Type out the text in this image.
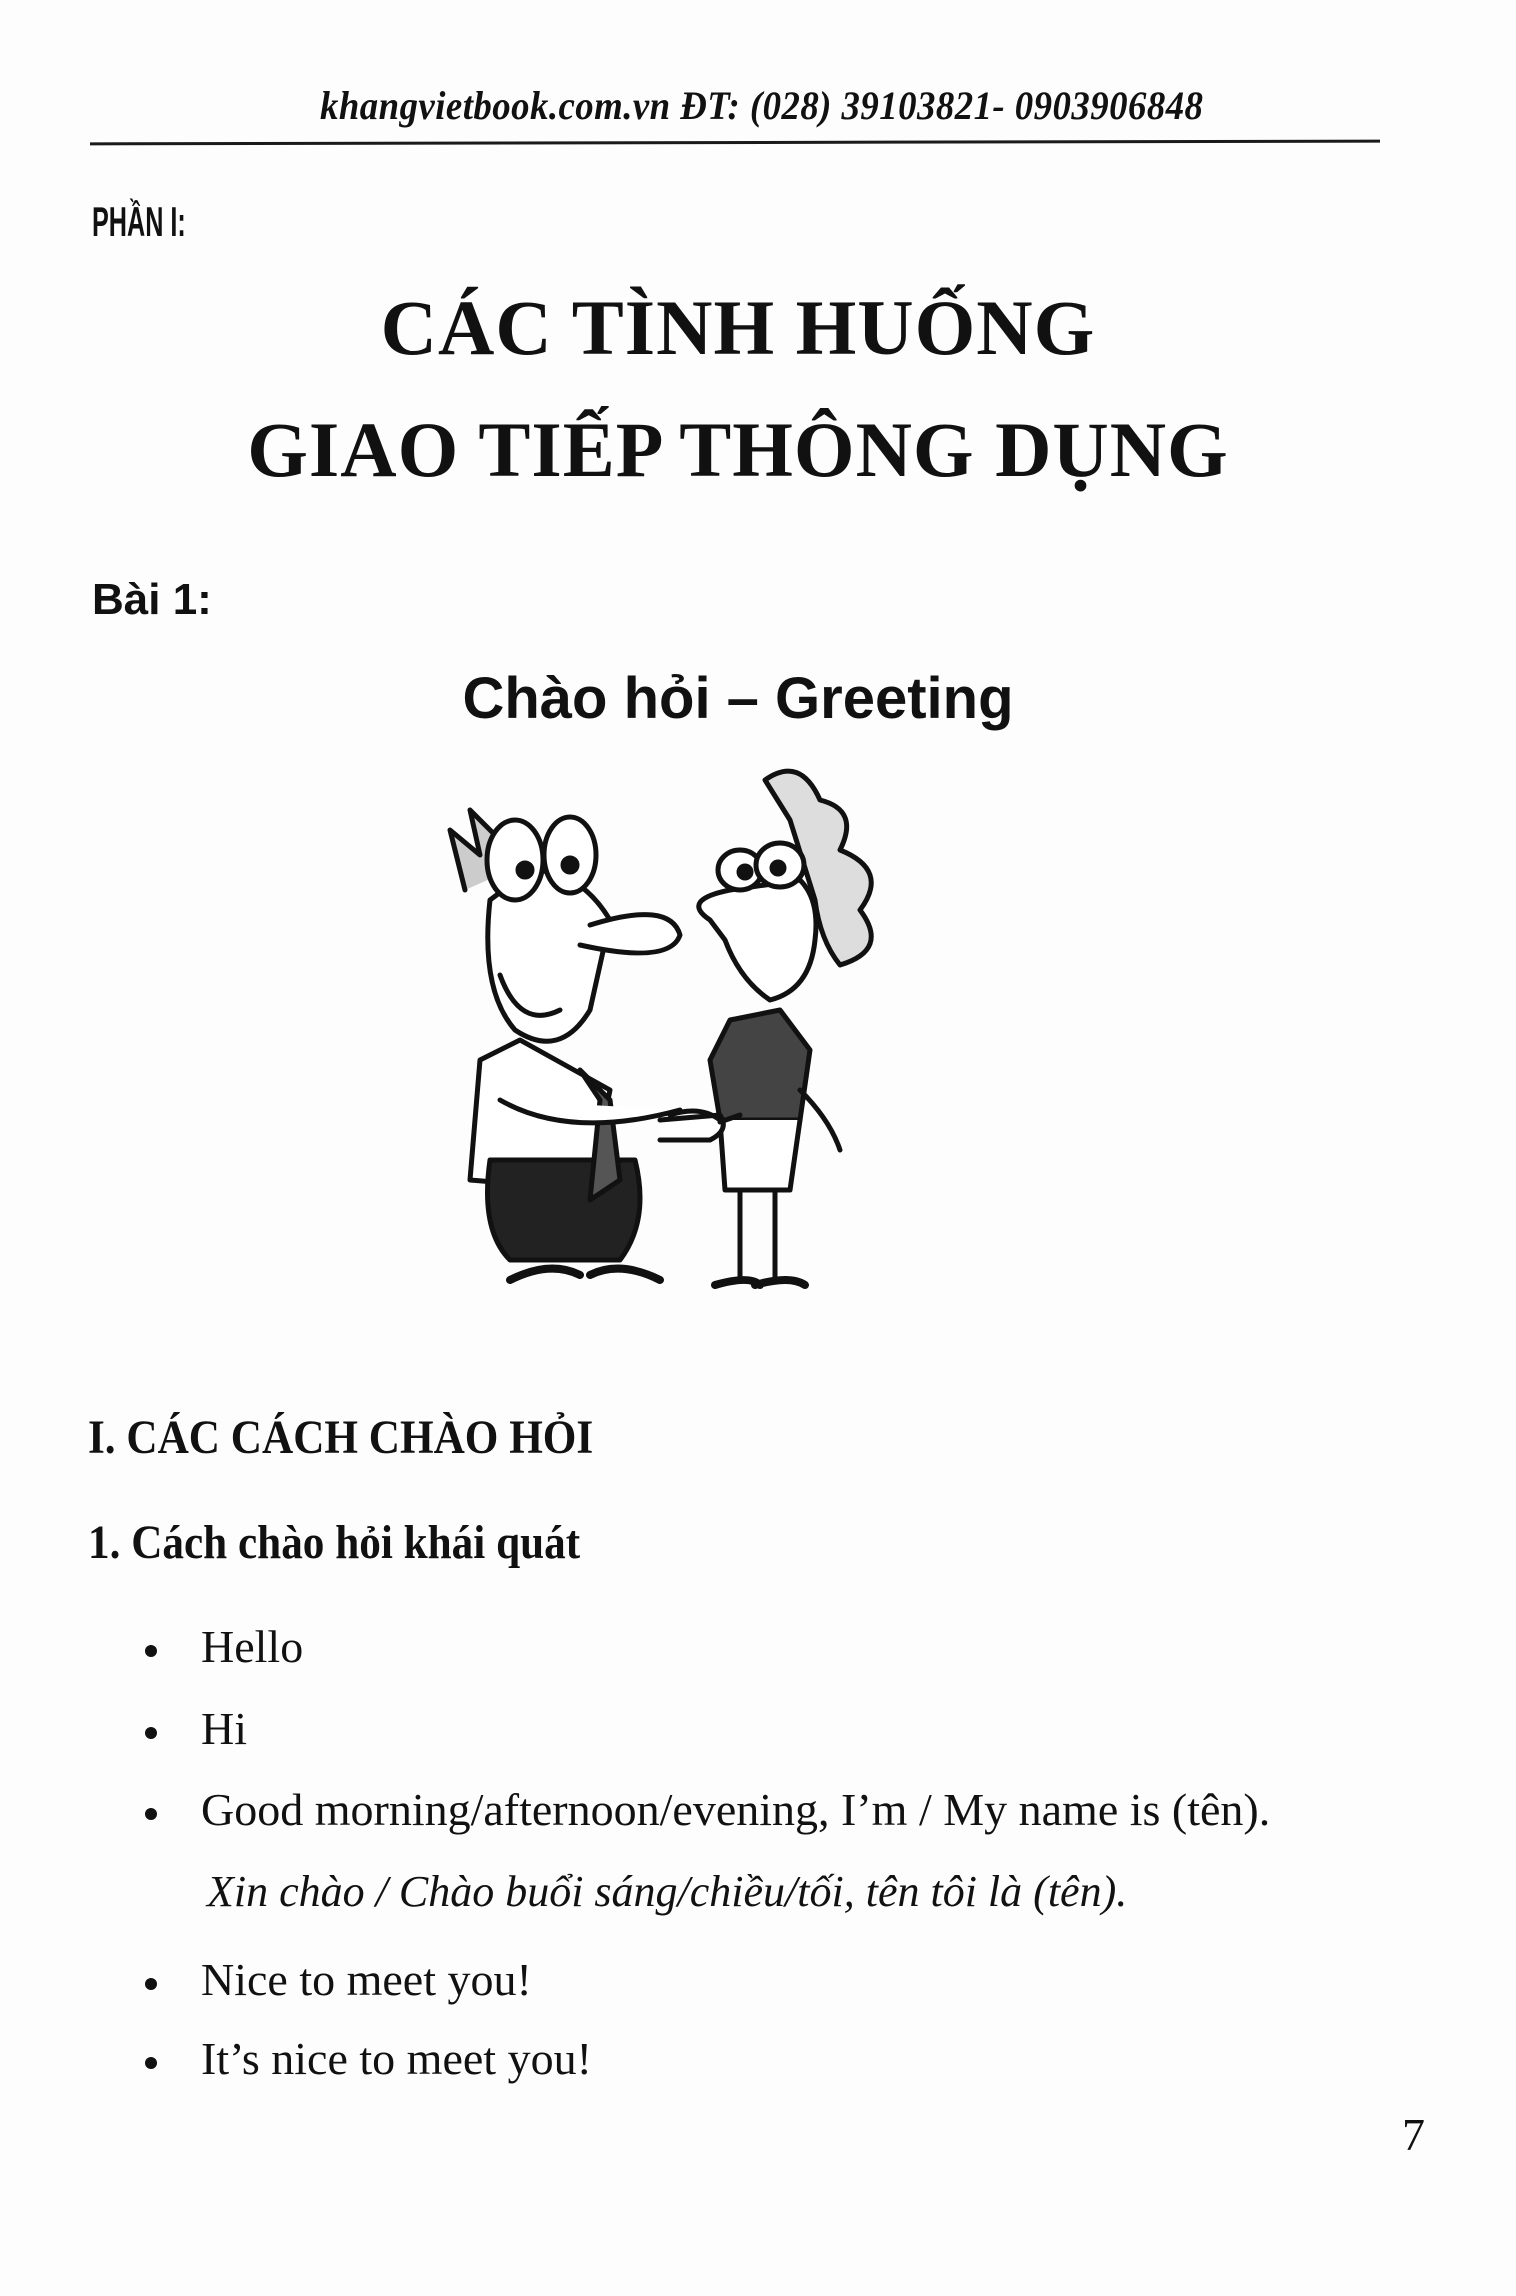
khangvietbook.com.vn ĐT: (028) 39103821- 0903906848
PHẦN I:
CÁC TÌNH HUỐNG
GIAO TIẾP THÔNG DỤNG
Bài 1:
Chào hỏi – Greeting
I. CÁC CÁCH CHÀO HỎI
1. Cách chào hỏi khái quát
Hello
Hi
Good morning/afternoon/evening, I’m / My name is (tên).
Xin chào / Chào buổi sáng/chiều/tối, tên tôi là (tên).
Nice to meet you!
It’s nice to meet you!
7
